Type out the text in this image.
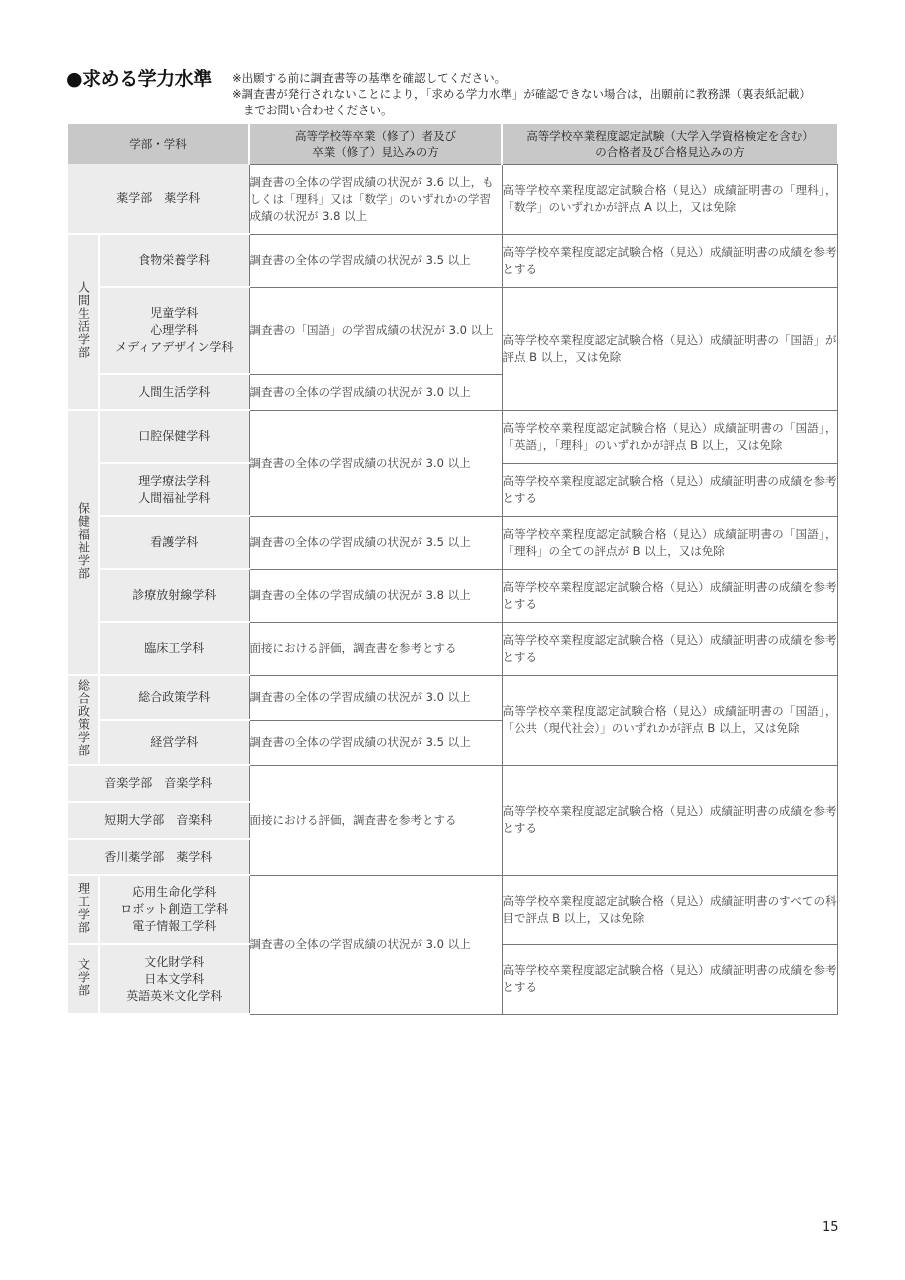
●求める学力水準 ※出願する前に調査書等の基準を確認してください。
※調査書が発行されないことにより，「求める学力水準」が確認できない場合は，出願前に教務課（裏表紙記載）
までお問い合わせください。
学部・学科		高等学校等卒業（修了）者及び
卒業（修了）見込みの方	高等学校卒業程度認定試験（大学入学資格検定を含む）
の合格者及び合格見込みの方
薬学部　薬学科		調査書の全体の学習成績の状況が 3.6 以上，もしくは「理科」又は「数学」のいずれかの学習成績の状況が 3.8 以上	高等学校卒業程度認定試験合格（見込）成績証明書の「理科」，「数学」のいずれかが評点 A 以上，又は免除
人間生活学部	食物栄養学科	調査書の全体の学習成績の状況が 3.5 以上	高等学校卒業程度認定試験合格（見込）成績証明書の成績を参考とする
	児童学科
心理学科
メディアデザイン学科	調査書の「国語」の学習成績の状況が 3.0 以上	高等学校卒業程度認定試験合格（見込）成績証明書の「国語」が評点 B 以上，又は免除
	人間生活学科	調査書の全体の学習成績の状況が 3.0 以上	
保健福祉学部	口腔保健学科	調査書の全体の学習成績の状況が 3.0 以上	高等学校卒業程度認定試験合格（見込）成績証明書の「国語」，「英語」，「理科」のいずれかが評点 B 以上，又は免除
	理学療法学科
人間福祉学科		高等学校卒業程度認定試験合格（見込）成績証明書の成績を参考とする
	看護学科	調査書の全体の学習成績の状況が 3.5 以上	高等学校卒業程度認定試験合格（見込）成績証明書の「国語」，「理科」の全ての評点が B 以上，又は免除
	診療放射線学科	調査書の全体の学習成績の状況が 3.8 以上	高等学校卒業程度認定試験合格（見込）成績証明書の成績を参考とする
	臨床工学科	面接における評価，調査書を参考とする	高等学校卒業程度認定試験合格（見込）成績証明書の成績を参考とする
総合政策学部	総合政策学科	調査書の全体の学習成績の状況が 3.0 以上	高等学校卒業程度認定試験合格（見込）成績証明書の「国語」，「公共（現代社会）」のいずれかが評点 B 以上，又は免除
	経営学科	調査書の全体の学習成績の状況が 3.5 以上	
音楽学部　音楽学科		面接における評価，調査書を参考とする	高等学校卒業程度認定試験合格（見込）成績証明書の成績を参考とする
短期大学部　音楽科			
香川薬学部　薬学科			
理工学部	応用生命化学科
ロボット創造工学科
電子情報工学科	調査書の全体の学習成績の状況が 3.0 以上	高等学校卒業程度認定試験合格（見込）成績証明書のすべての科目で評点 B 以上，又は免除
文学部	文化財学科
日本文学科
英語英米文化学科		高等学校卒業程度認定試験合格（見込）成績証明書の成績を参考とする
15
